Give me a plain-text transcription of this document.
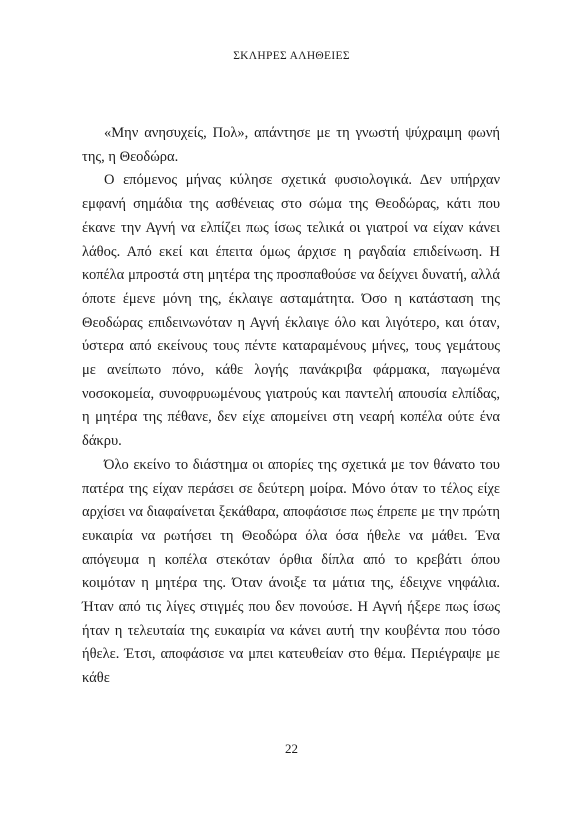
ΣΚΛΗΡΕΣ ΑΛΗΘΕΙΕΣ

«Μην ανησυχείς, Πολ», απάντησε με τη γνωστή ψύχραιμη φωνή της, η Θεοδώρα.

Ο επόμενος μήνας κύλησε σχετικά φυσιολογικά. Δεν υπήρχαν εμφανή σημάδια της ασθένειας στο σώμα της Θεοδώρας, κάτι που έκανε την Αγνή να ελπίζει πως ίσως τελικά οι γιατροί να είχαν κάνει λάθος. Από εκεί και έπειτα όμως άρχισε η ραγδαία επιδείνωση. Η κοπέλα μπροστά στη μητέρα της προσπαθούσε να δείχνει δυνατή, αλλά όποτε έμενε μόνη της, έκλαιγε ασταμάτητα. Όσο η κατάσταση της Θεοδώρας επιδεινωνόταν η Αγνή έκλαιγε όλο και λιγότερο, και όταν, ύστερα από εκείνους τους πέντε καταραμένους μήνες, τους γεμάτους με ανείπωτο πόνο, κάθε λογής πανάκριβα φάρμακα, παγωμένα νοσοκομεία, συνοφρυωμένους γιατρούς και παντελή απουσία ελπίδας, η μητέρα της πέθανε, δεν είχε απομείνει στη νεαρή κοπέλα ούτε ένα δάκρυ.

Όλο εκείνο το διάστημα οι απορίες της σχετικά με τον θάνατο του πατέρα της είχαν περάσει σε δεύτερη μοίρα. Μόνο όταν το τέλος είχε αρχίσει να διαφαίνεται ξεκάθαρα, αποφάσισε πως έπρεπε με την πρώτη ευκαιρία να ρωτήσει τη Θεοδώρα όλα όσα ήθελε να μάθει. Ένα απόγευμα η κοπέλα στεκόταν όρθια δίπλα από το κρεβάτι όπου κοιμόταν η μητέρα της. Όταν άνοιξε τα μάτια της, έδειχνε νηφάλια. Ήταν από τις λίγες στιγμές που δεν πονούσε. Η Αγνή ήξερε πως ίσως ήταν η τελευταία της ευκαιρία να κάνει αυτή την κουβέντα που τόσο ήθελε. Έτσι, αποφάσισε να μπει κατευθείαν στο θέμα. Περιέγραψε με κάθε

22
